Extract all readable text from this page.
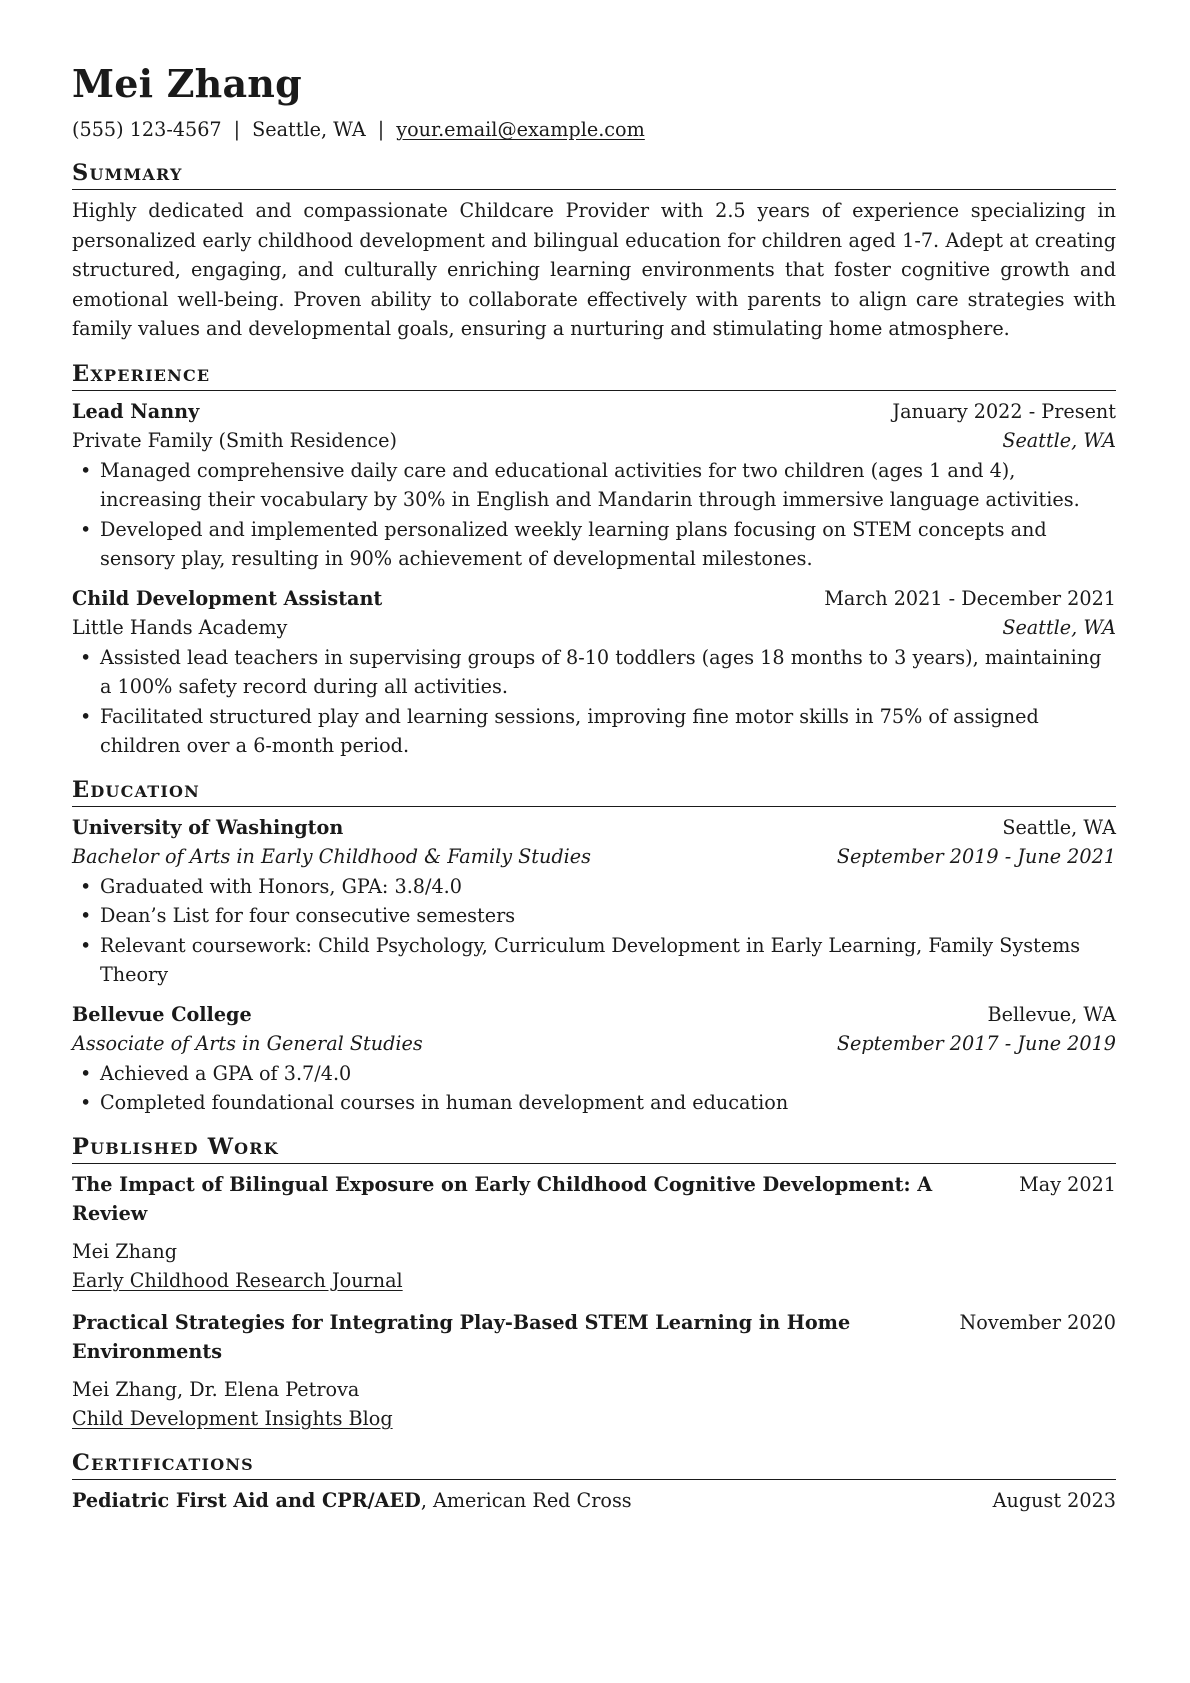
Mei Zhang
(555) 123-4567 | Seattle, WA | your.email@example.com
Summary

Highly dedicated and compassionate Childcare Provider with 2.5 years of experience specializing in personalized early childhood development and bilingual education for children aged 1-7. Adept at creating structured, engaging, and culturally enriching learning environments that foster cognitive growth and emotional well-being. Proven ability to collaborate effectively with parents to align care strategies with family values and developmental goals, ensuring a nurturing and stimulating home atmosphere.

Experience
Lead Nanny	January 2022 - Present
Private Family (Smith Residence)	Seattle, WA
• Managed comprehensive daily care and educational activities for two children (ages 1 and 4), increasing their vocabulary by 30% in English and Mandarin through immersive language activities.
• Developed and implemented personalized weekly learning plans focusing on STEM concepts and sensory play, resulting in 90% achievement of developmental milestones.
Child Development Assistant	March 2021 - December 2021
Little Hands Academy	Seattle, WA
• Assisted lead teachers in supervising groups of 8-10 toddlers (ages 18 months to 3 years), maintaining a 100% safety record during all activities.
• Facilitated structured play and learning sessions, improving fine motor skills in 75% of assigned children over a 6-month period.
Education
University of Washington	Seattle, WA
Bachelor of Arts in Early Childhood & Family Studies	September 2019 - June 2021
• Graduated with Honors, GPA: 3.8/4.0
• Dean’s List for four consecutive semesters
• Relevant coursework: Child Psychology, Curriculum Development in Early Learning, Family Systems Theory
Bellevue College	Bellevue, WA
Associate of Arts in General Studies	September 2017 - June 2019
• Achieved a GPA of 3.7/4.0
• Completed foundational courses in human development and education
Published Work
The Impact of Bilingual Exposure on Early Childhood Cognitive Development: A Review
May 2021
Mei Zhang
Early Childhood Research Journal
Practical Strategies for Integrating Play-Based STEM Learning in Home Environments
November 2020
Mei Zhang, Dr. Elena Petrova
Child Development Insights Blog
Certifications
Pediatric First Aid and CPR/AED, American Red Cross	August 2023
